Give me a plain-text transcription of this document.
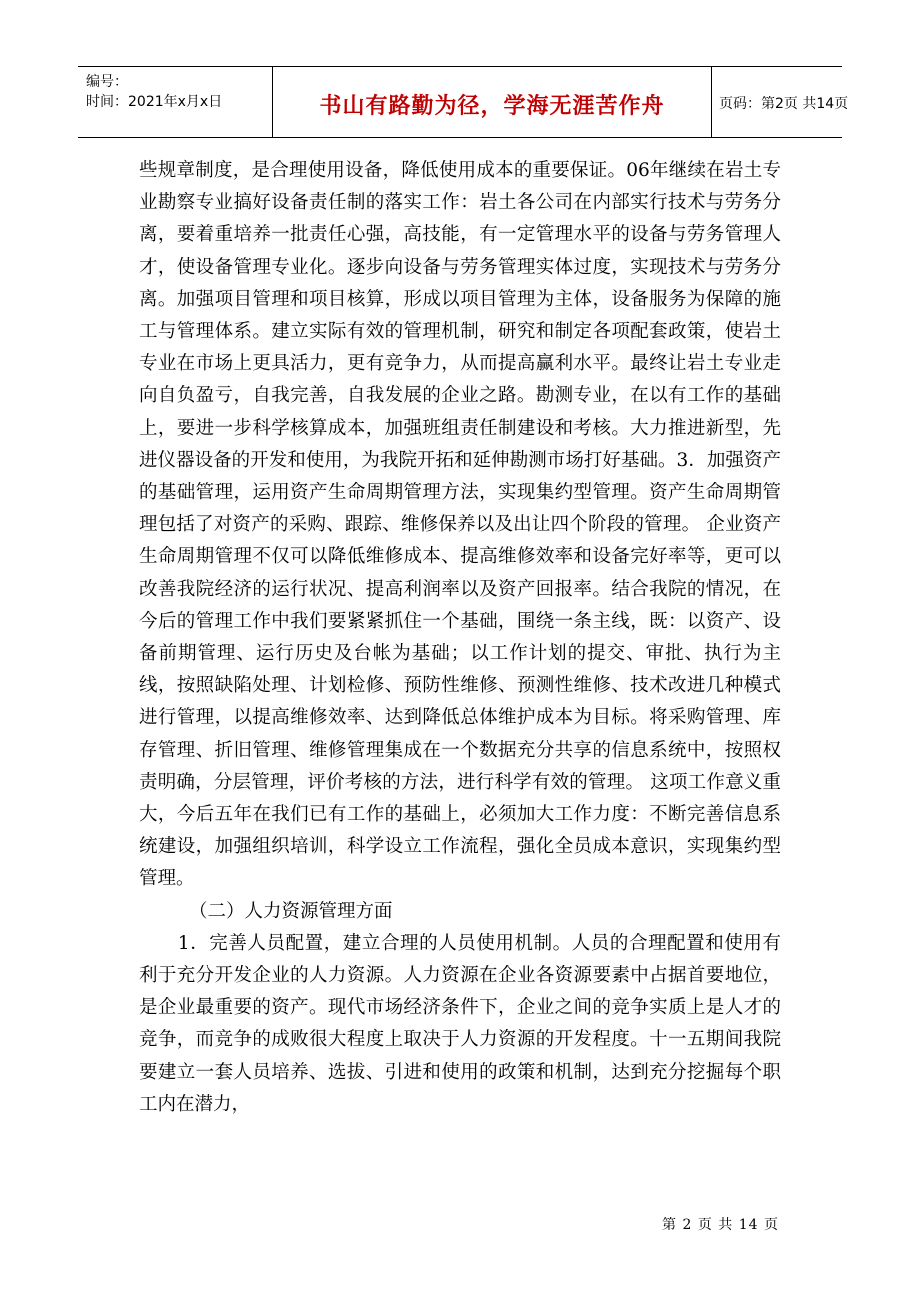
编号：
时间：2021年x月x日	书山有路勤为径，学海无涯苦作舟	页码：第2页 共14页

些规章制度，是合理使用设备，降低使用成本的重要保证。06年继续在岩土专业勘察专业搞好设备责任制的落实工作：岩土各公司在内部实行技术与劳务分离，要着重培养一批责任心强，高技能，有一定管理水平的设备与劳务管理人才，使设备管理专业化。逐步向设备与劳务管理实体过度，实现技术与劳务分离。加强项目管理和项目核算，形成以项目管理为主体，设备服务为保障的施工与管理体系。建立实际有效的管理机制，研究和制定各项配套政策，使岩土专业在市场上更具活力，更有竞争力，从而提高赢利水平。最终让岩土专业走向自负盈亏，自我完善，自我发展的企业之路。勘测专业，在以有工作的基础上，要进一步科学核算成本，加强班组责任制建设和考核。大力推进新型，先进仪器设备的开发和使用，为我院开拓和延伸勘测市场打好基础。3．加强资产的基础管理，运用资产生命周期管理方法，实现集约型管理。资产生命周期管理包括了对资产的采购、跟踪、维修保养以及出让四个阶段的管理。 企业资产生命周期管理不仅可以降低维修成本、提高维修效率和设备完好率等，更可以改善我院经济的运行状况、提高利润率以及资产回报率。结合我院的情况，在今后的管理工作中我们要紧紧抓住一个基础，围绕一条主线，既：以资产、设备前期管理、运行历史及台帐为基础；以工作计划的提交、审批、执行为主线，按照缺陷处理、计划检修、预防性维修、预测性维修、技术改进几种模式进行管理，以提高维修效率、达到降低总体维护成本为目标。将采购管理、库存管理、折旧管理、维修管理集成在一个数据充分共享的信息系统中，按照权责明确，分层管理，评价考核的方法，进行科学有效的管理。 这项工作意义重大，今后五年在我们已有工作的基础上，必须加大工作力度：不断完善信息系统建设，加强组织培训，科学设立工作流程，强化全员成本意识，实现集约型管理。

（二）人力资源管理方面

1．完善人员配置，建立合理的人员使用机制。人员的合理配置和使用有利于充分开发企业的人力资源。人力资源在企业各资源要素中占据首要地位，是企业最重要的资产。现代市场经济条件下，企业之间的竞争实质上是人才的竞争，而竞争的成败很大程度上取决于人力资源的开发程度。十一五期间我院要建立一套人员培养、选拔、引进和使用的政策和机制，达到充分挖掘每个职工内在潜力，

第 2 页 共 14 页
